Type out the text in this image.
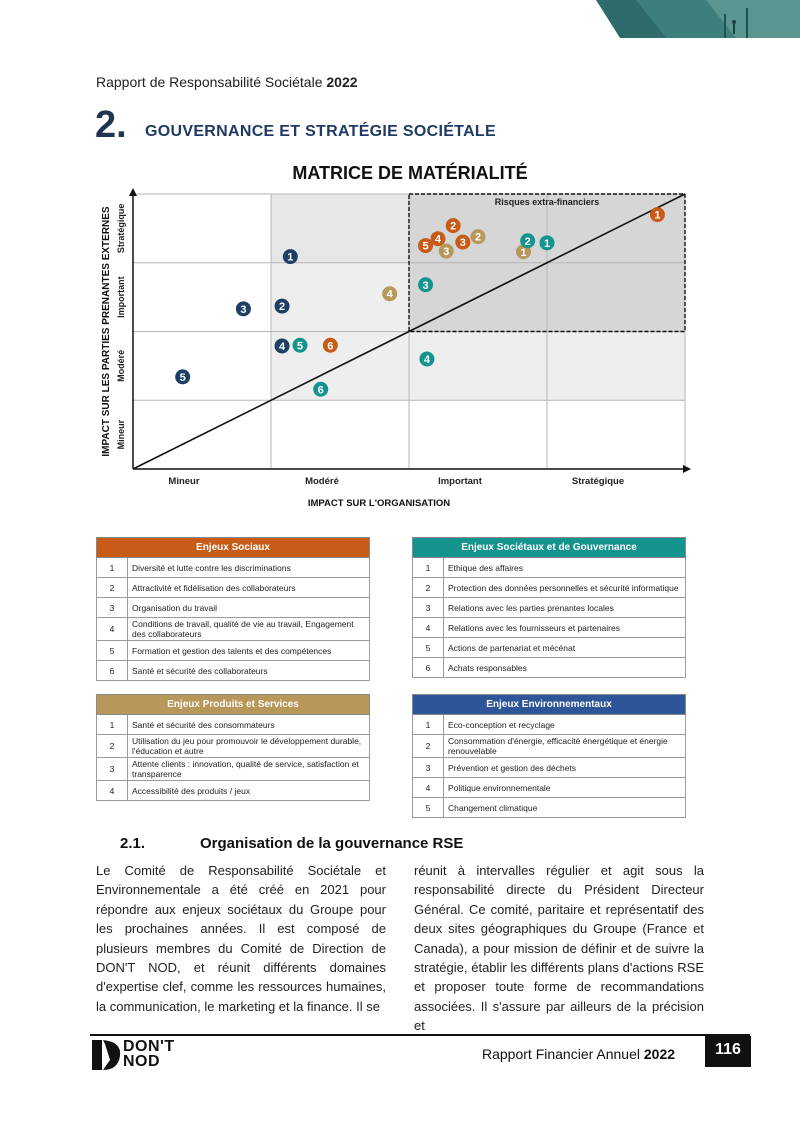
Rapport de Responsabilité Sociétale 2022
2. GOUVERNANCE ET STRATÉGIE SOCIÉTALE
MATRICE DE MATÉRIALITÉ
1
2
4 3
5
6
2
3	1
4
2 1
3
5
4
6
1
3	2
4
5
Risques extra-financiers
Mineur	Modéré	Important	Stratégique
IMPACT SUR L'ORGANISATION
Mineur
Modéré
Important
Stratégique
IMPACT SUR LES PARTIES PRENANTES EXTERNES
Enjeux Sociaux	
1	Diversité et lutte contre les discriminations
2	Attractivité et fidélisation des collaborateurs
3	Organisation du travail
4	Conditions de travail, qualité de vie au travail, Engagement des collaborateurs
5	Formation et gestion des talents et des compétences
6	Santé et sécurité des collaborateurs
Enjeux Sociétaux et de Gouvernance	
1	Ethique des affaires
2	Protection des données personnelles et sécurité informatique
3	Relations avec les parties prenantes locales
4	Relations avec les fournisseurs et partenaires
5	Actions de partenariat et mécénat
6	Achats responsables
Enjeux Produits et Services	
1	Santé et sécurité des consommateurs
2	Utilisation du jeu pour promouvoir le développement durable, l'éducation et autre
3	Attente clients : innovation, qualité de service, satisfaction et transparence
4	Accessibilité des produits / jeux
Enjeux Environnementaux	
1	Eco-conception et recyclage
2	Consommation d'énergie, efficacité énergétique et énergie renouvelable
3	Prévention et gestion des déchets
4	Politique environnementale
5	Changement climatique
2.1.	Organisation de la gouvernance RSE
Le Comité de Responsabilité Sociétale et Environnementale a été créé en 2021 pour répondre aux enjeux sociétaux du Groupe pour les prochaines années. Il est composé de plusieurs membres du Comité de Direction de DON'T NOD, et réunit différents domaines d'expertise clef, comme les ressources humaines, la communication, le marketing et la finance. Il se
réunit à intervalles régulier et agit sous la responsabilité directe du Président Directeur Général. Ce comité, paritaire et représentatif des deux sites géographiques du Groupe (France et Canada), a pour mission de définir et de suivre la stratégie, établir les différents plans d'actions RSE et proposer toute forme de recommandations associées. Il s'assure par ailleurs de la précision et
DON'T
NOD	Rapport Financier Annuel 2022	116
